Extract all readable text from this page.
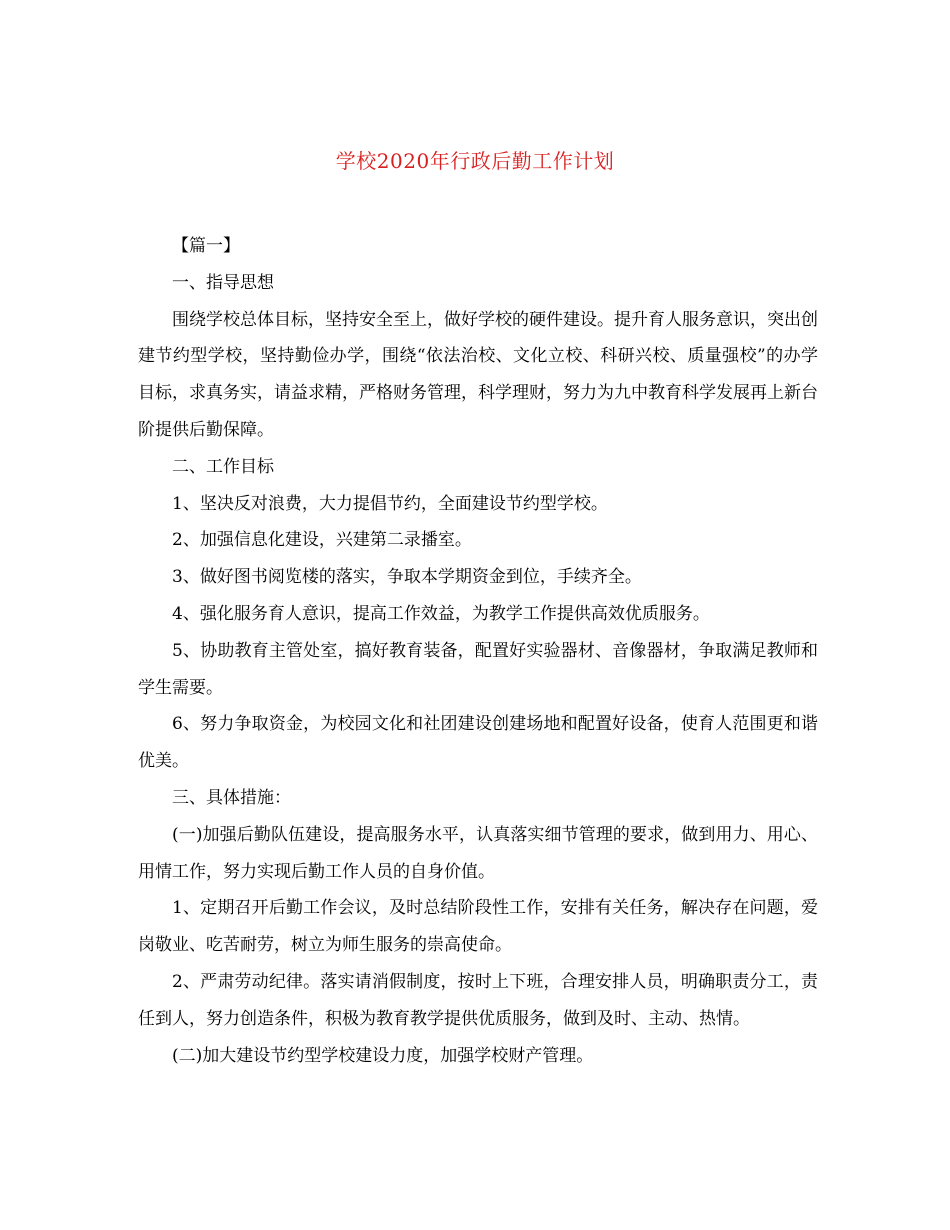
学校2020年行政后勤工作计划

【篇一】

一、指导思想

围绕学校总体目标，坚持安全至上，做好学校的硬件建设。提升育人服务意识，突出创建节约型学校，坚持勤俭办学，围绕“依法治校、文化立校、科研兴校、质量强校”的办学目标，求真务实，请益求精，严格财务管理，科学理财，努力为九中教育科学发展再上新台阶提供后勤保障。

二、工作目标

1、坚决反对浪费，大力提倡节约，全面建设节约型学校。

2、加强信息化建设，兴建第二录播室。

3、做好图书阅览楼的落实，争取本学期资金到位，手续齐全。

4、强化服务育人意识，提高工作效益，为教学工作提供高效优质服务。

5、协助教育主管处室，搞好教育装备，配置好实验器材、音像器材，争取满足教师和学生需要。

6、努力争取资金，为校园文化和社团建设创建场地和配置好设备，使育人范围更和谐优美。

三、具体措施：

(一)加强后勤队伍建设，提高服务水平，认真落实细节管理的要求，做到用力、用心、用情工作，努力实现后勤工作人员的自身价值。

1、定期召开后勤工作会议，及时总结阶段性工作，安排有关任务，解决存在问题，爱岗敬业、吃苦耐劳，树立为师生服务的崇高使命。

2、严肃劳动纪律。落实请消假制度，按时上下班，合理安排人员，明确职责分工，责任到人，努力创造条件，积极为教育教学提供优质服务，做到及时、主动、热情。

(二)加大建设节约型学校建设力度，加强学校财产管理。
